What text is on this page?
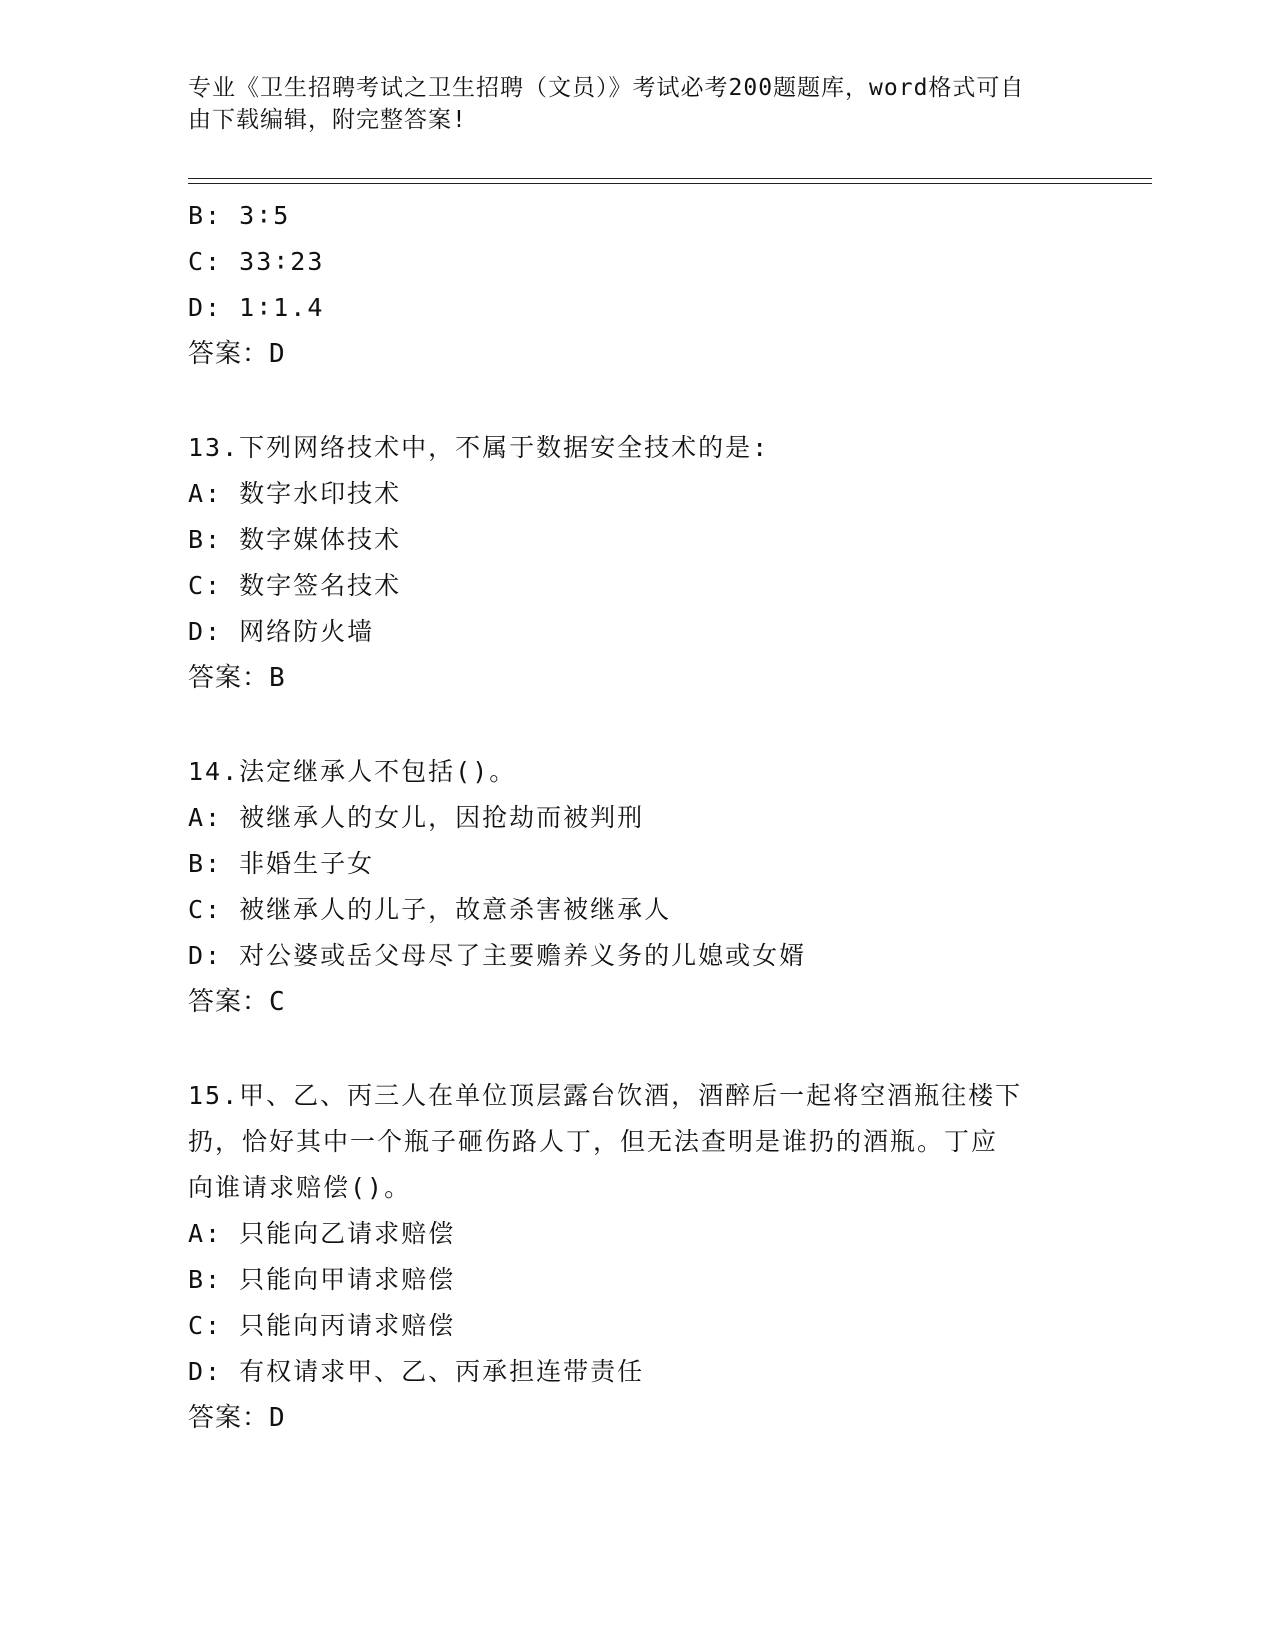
专业《卫生招聘考试之卫生招聘（文员）》考试必考200题题库，word格式可自
由下载编辑，附完整答案!
B: 3∶5
C: 33∶23
D: 1∶1.4
答案：D
13.下列网络技术中，不属于数据安全技术的是:
A: 数字水印技术
B: 数字媒体技术
C: 数字签名技术
D: 网络防火墙
答案：B
14.法定继承人不包括()。
A: 被继承人的女儿，因抢劫而被判刑
B: 非婚生子女
C: 被继承人的儿子，故意杀害被继承人
D: 对公婆或岳父母尽了主要赡养义务的儿媳或女婿
答案：C
15.甲、乙、丙三人在单位顶层露台饮酒，酒醉后一起将空酒瓶往楼下
扔，恰好其中一个瓶子砸伤路人丁，但无法查明是谁扔的酒瓶。丁应
向谁请求赔偿()。
A: 只能向乙请求赔偿
B: 只能向甲请求赔偿
C: 只能向丙请求赔偿
D: 有权请求甲、乙、丙承担连带责任
答案：D
